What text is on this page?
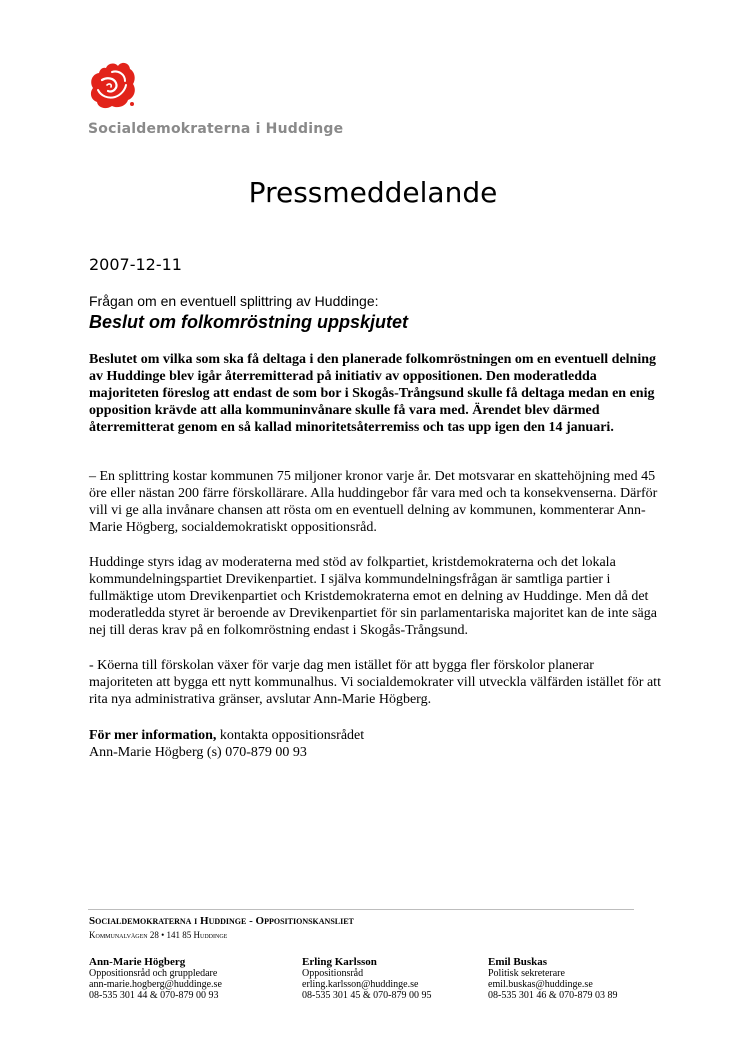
Socialdemokraterna i Huddinge
Pressmeddelande
2007-12-11
Frågan om en eventuell splittring av Huddinge:
Beslut om folkomröstning uppskjutet

Beslutet om vilka som ska få deltaga i den planerade folkomröstningen om en eventuell delning av Huddinge blev igår återremitterad på initiativ av oppositionen. Den moderatledda majoriteten föreslog att endast de som bor i Skogås-Trångsund skulle få deltaga medan en enig opposition krävde att alla kommuninvånare skulle få vara med. Ärendet blev därmed återremitterat genom en så kallad minoritetsåterremiss och tas upp igen den 14 januari.

– En splittring kostar kommunen 75 miljoner kronor varje år. Det motsvarar en skattehöjning med 45 öre eller nästan 200 färre förskollärare. Alla huddingebor får vara med och ta konsekvenserna. Därför vill vi ge alla invånare chansen att rösta om en eventuell delning av kommunen, kommenterar Ann-Marie Högberg, socialdemokratiskt oppositionsråd.

Huddinge styrs idag av moderaterna med stöd av folkpartiet, kristdemokraterna och det lokala kommundelningspartiet Drevikenpartiet. I själva kommundelningsfrågan är samtliga partier i fullmäktige utom Drevikenpartiet och Kristdemokraterna emot en delning av Huddinge. Men då det moderatledda styret är beroende av Drevikenpartiet för sin parlamentariska majoritet kan de inte säga nej till deras krav på en folkomröstning endast i Skogås-Trångsund.

- Köerna till förskolan växer för varje dag men istället för att bygga fler förskolor planerar majoriteten att bygga ett nytt kommunalhus. Vi socialdemokrater vill utveckla välfärden istället för att rita nya administrativa gränser, avslutar Ann-Marie Högberg.

För mer information, kontakta oppositionsrådet

Ann-Marie Högberg (s) 070-879 00 93

Socialdemokraterna i Huddinge - Oppositionskansliet
Kommunalvägen 28 • 141 85 Huddinge
Ann-Marie Högberg
Oppositionsråd och gruppledare
ann-marie.hogberg@huddinge.se
08-535 301 44 & 070-879 00 93
Erling Karlsson
Oppositionsråd
erling.karlsson@huddinge.se
08-535 301 45 & 070-879 00 95
Emil Buskas
Politisk sekreterare
emil.buskas@huddinge.se
08-535 301 46 & 070-879 03 89
